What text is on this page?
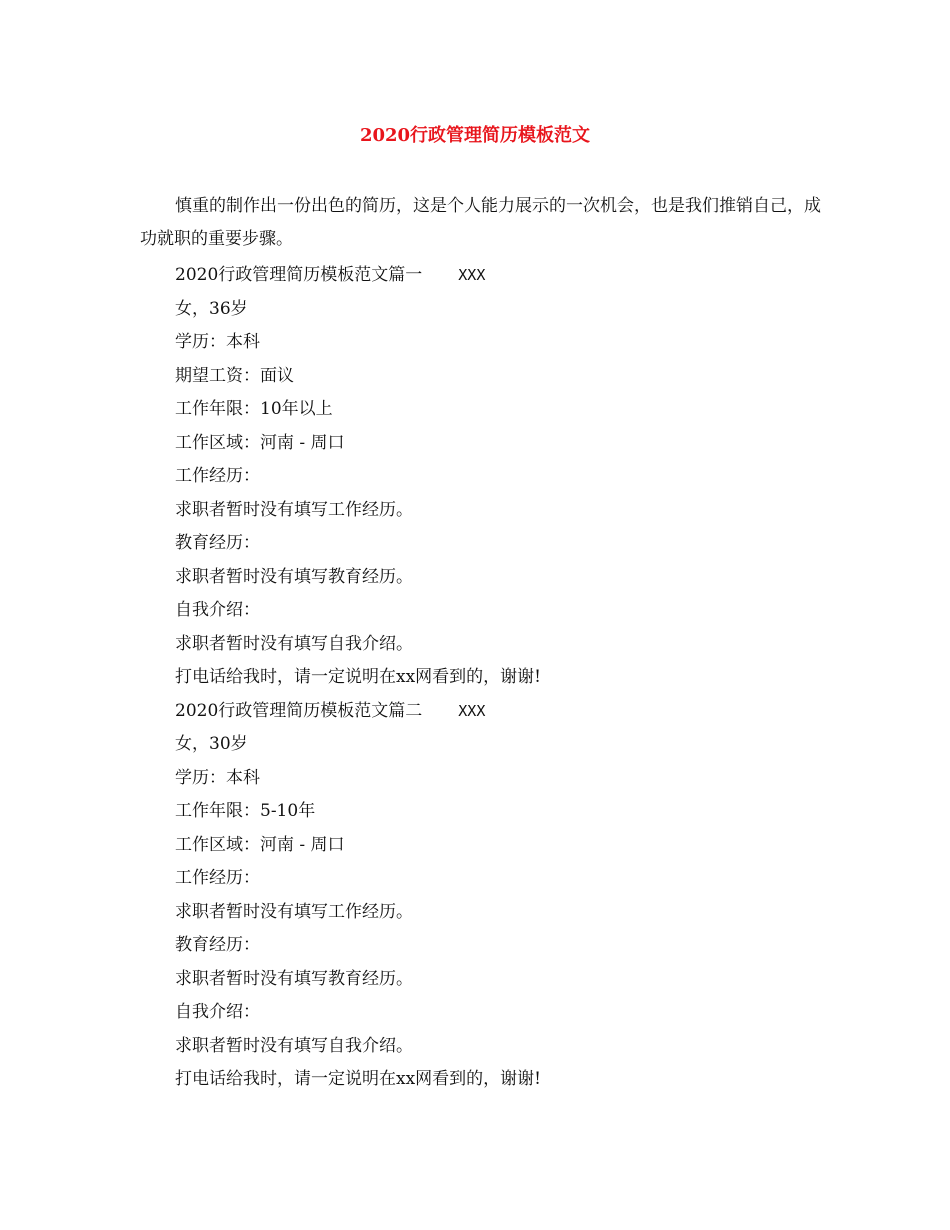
2020行政管理简历模板范文

慎重的制作出一份出色的简历，这是个人能力展示的一次机会，也是我们推销自己，成功就职的重要步骤。

2020行政管理简历模板范文篇一 XXX
女，36岁
学历：本科
期望工资：面议
工作年限：10年以上
工作区域：河南 - 周口
工作经历：
求职者暂时没有填写工作经历。
教育经历：
求职者暂时没有填写教育经历。
自我介绍：
求职者暂时没有填写自我介绍。
打电话给我时，请一定说明在xx网看到的，谢谢!
2020行政管理简历模板范文篇二 XXX
女，30岁
学历：本科
工作年限：5-10年
工作区域：河南 - 周口
工作经历：
求职者暂时没有填写工作经历。
教育经历：
求职者暂时没有填写教育经历。
自我介绍：
求职者暂时没有填写自我介绍。
打电话给我时，请一定说明在xx网看到的，谢谢!
